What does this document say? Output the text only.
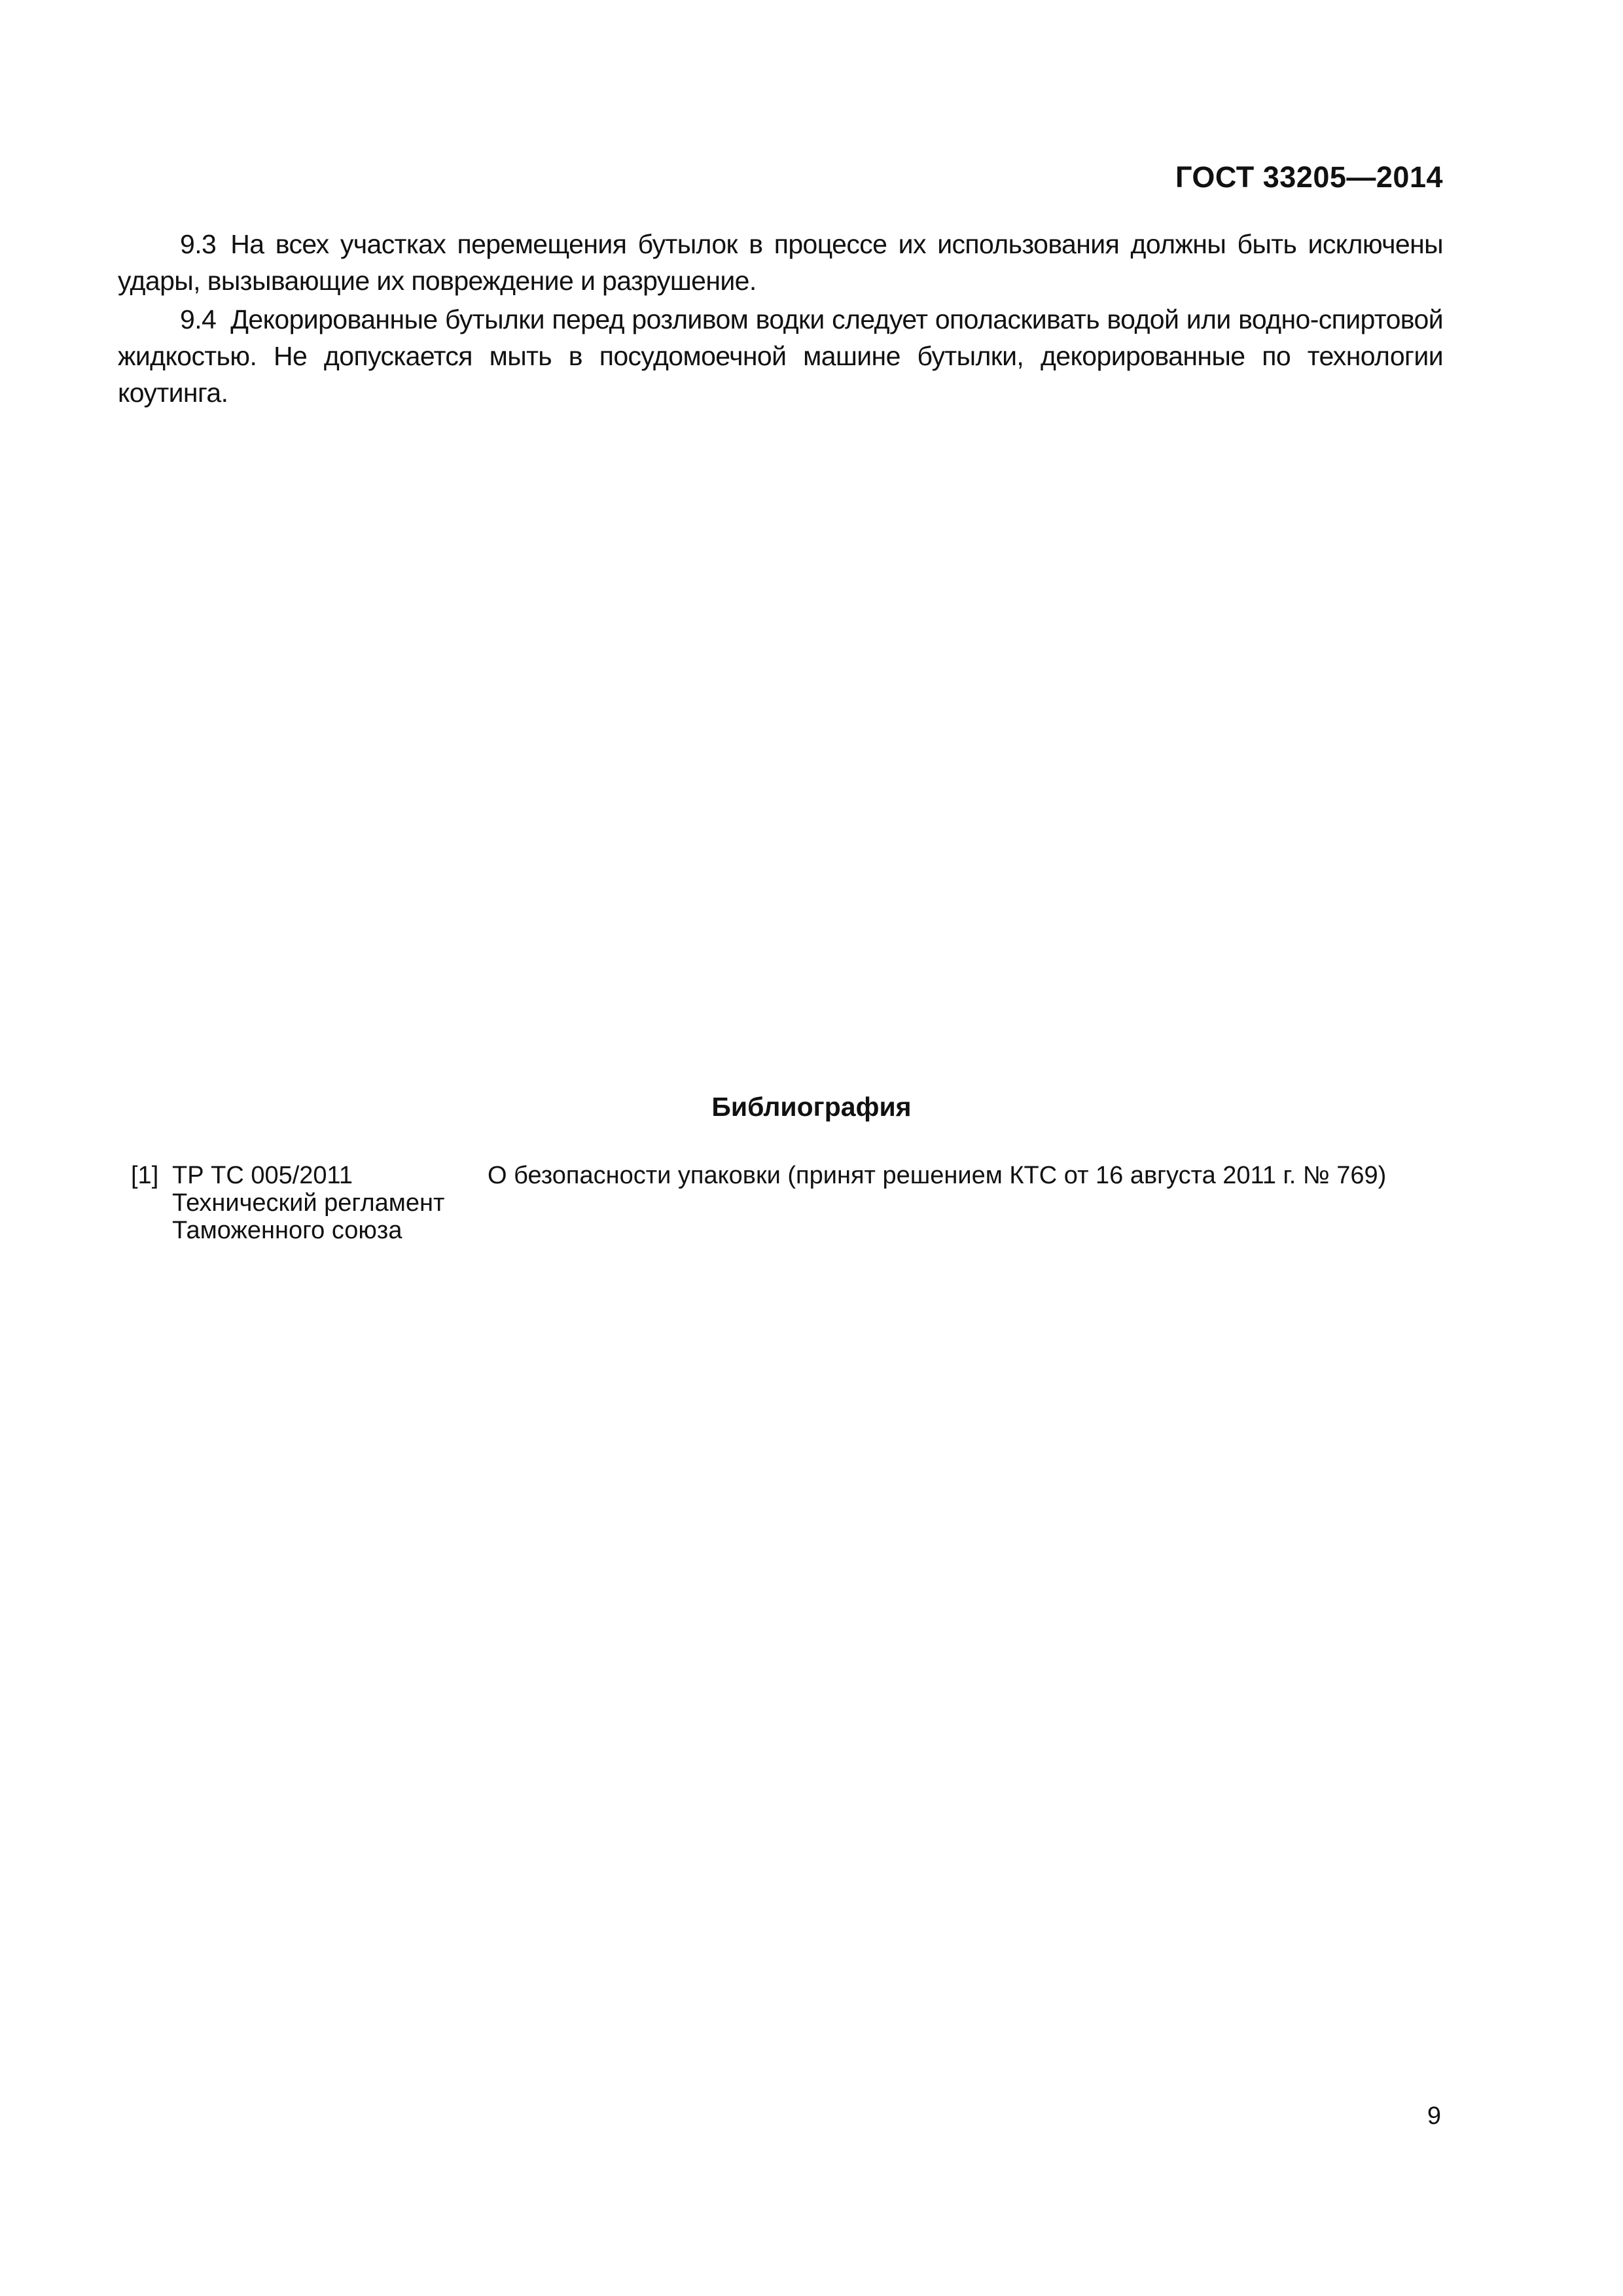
ГОСТ 33205—2014

9.3 На всех участках перемещения бутылок в процессе их использования должны быть исключены удары, вызывающие их повреждение и разрушение.

9.4 Декорированные бутылки перед розливом водки следует ополаскивать водой или водно-спиртовой жидкостью. Не допускается мыть в посудомоечной машине бутылки, декорированные по технологии коутинга.

Библиография
[1] ТР ТС 005/2011
Технический регламент
Таможенного союза
О безопасности упаковки (принят решением КТС от 16 августа 2011 г. № 769)
9
